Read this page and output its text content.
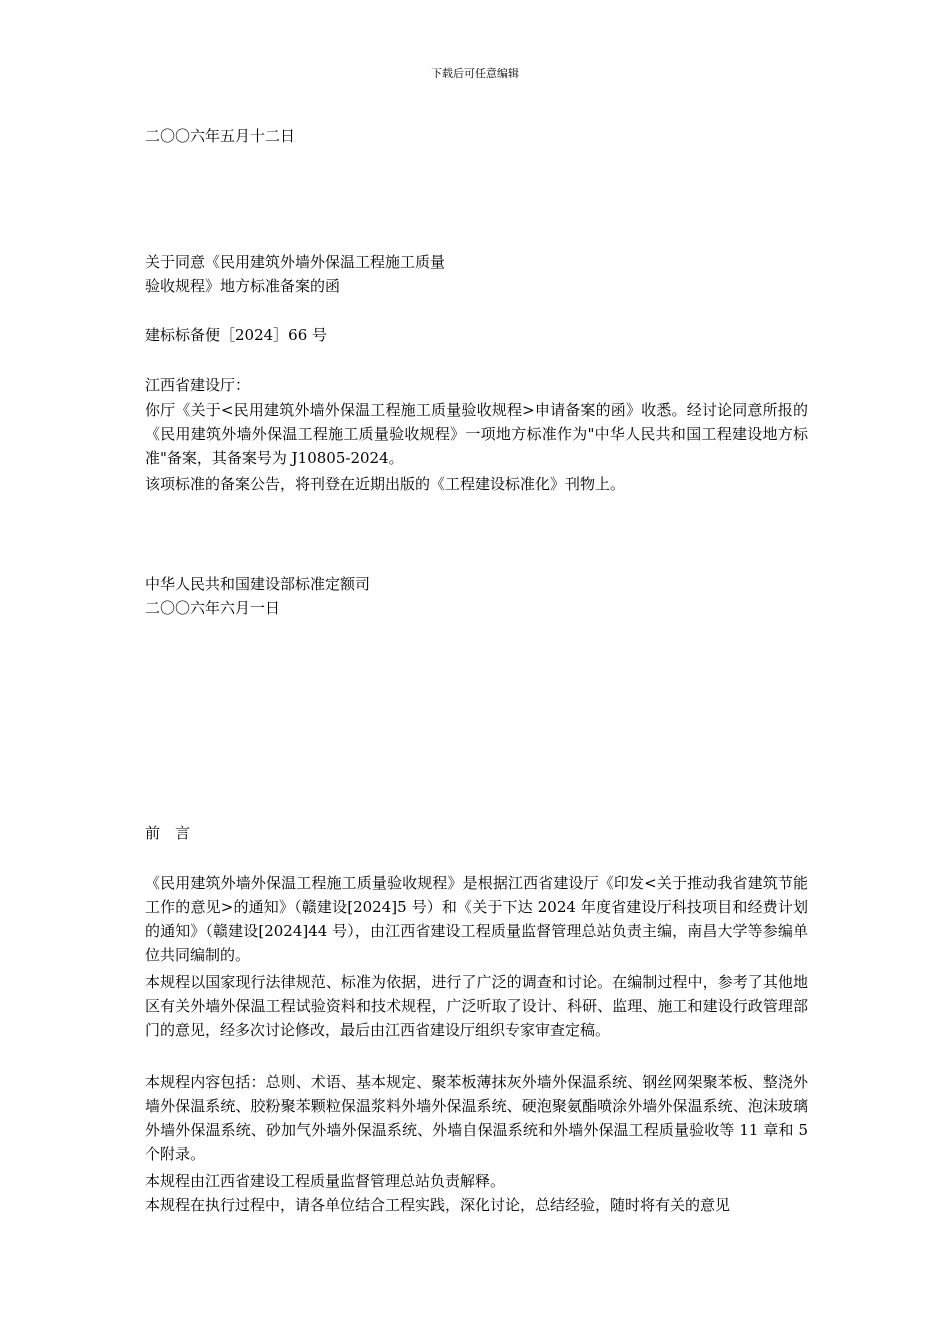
下载后可任意编辑
二〇〇六年五月十二日
关于同意《民用建筑外墙外保温工程施工质量
验收规程》地方标准备案的函
建标标备便［2024］66 号
江西省建设厅：
你厅《关于<民用建筑外墙外保温工程施工质量验收规程>申请备案的函》收悉。经讨论同意所报的《民用建筑外墙外保温工程施工质量验收规程》一项地方标准作为"中华人民共和国工程建设地方标准"备案，其备案号为 J10805-2024。
该项标准的备案公告，将刊登在近期出版的《工程建设标准化》刊物上。
中华人民共和国建设部标准定额司
二〇〇六年六月一日
前　言
《民用建筑外墙外保温工程施工质量验收规程》是根据江西省建设厅《印发<关于推动我省建筑节能工作的意见>的通知》（赣建设[2024]5 号）和《关于下达 2024 年度省建设厅科技项目和经费计划的通知》（赣建设[2024]44 号），由江西省建设工程质量监督管理总站负责主编，南昌大学等参编单位共同编制的。
本规程以国家现行法律规范、标准为依据，进行了广泛的调查和讨论。在编制过程中，参考了其他地区有关外墙外保温工程试验资料和技术规程，广泛听取了设计、科研、监理、施工和建设行政管理部门的意见，经多次讨论修改，最后由江西省建设厅组织专家审查定稿。
本规程内容包括：总则、术语、基本规定、聚苯板薄抹灰外墙外保温系统、钢丝网架聚苯板、整浇外墙外保温系统、胶粉聚苯颗粒保温浆料外墙外保温系统、硬泡聚氨酯喷涂外墙外保温系统、泡沫玻璃外墙外保温系统、砂加气外墙外保温系统、外墙自保温系统和外墙外保温工程质量验收等 11 章和 5 个附录。
本规程由江西省建设工程质量监督管理总站负责解释。
本规程在执行过程中，请各单位结合工程实践，深化讨论，总结经验，随时将有关的意见
